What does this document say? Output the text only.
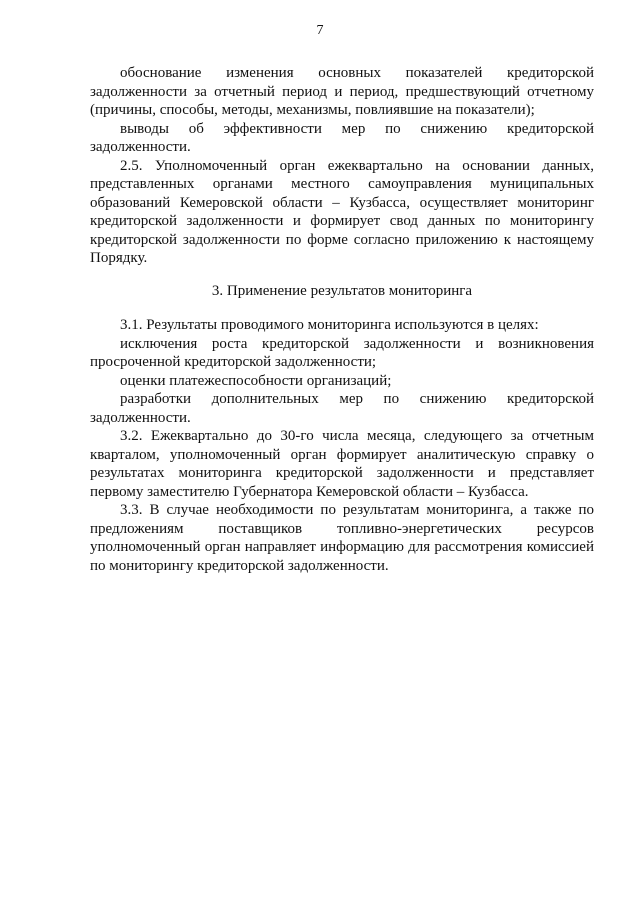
7

обоснование изменения основных показателей кредиторской задолженности за отчетный период и период, предшествующий отчетному (причины, способы, методы, механизмы, повлиявшие на показатели);

выводы об эффективности мер по снижению кредиторской задолженности.

2.5. Уполномоченный орган ежеквартально на основании данных, представленных органами местного самоуправления муниципальных образований Кемеровской области – Кузбасса, осуществляет мониторинг кредиторской задолженности и формирует свод данных по мониторингу кредиторской задолженности по форме согласно приложению к настоящему Порядку.

3. Применение результатов мониторинга

3.1. Результаты проводимого мониторинга используются в целях:

исключения роста кредиторской задолженности и возникновения просроченной кредиторской задолженности;

оценки платежеспособности организаций;

разработки дополнительных мер по снижению кредиторской задолженности.

3.2. Ежеквартально до 30-го числа месяца, следующего за отчетным кварталом, уполномоченный орган формирует аналитическую справку о результатах мониторинга кредиторской задолженности и представляет первому заместителю Губернатора Кемеровской области – Кузбасса.

3.3. В случае необходимости по результатам мониторинга, а также по предложениям поставщиков топливно-энергетических ресурсов уполномоченный орган направляет информацию для рассмотрения комиссией по мониторингу кредиторской задолженности.
